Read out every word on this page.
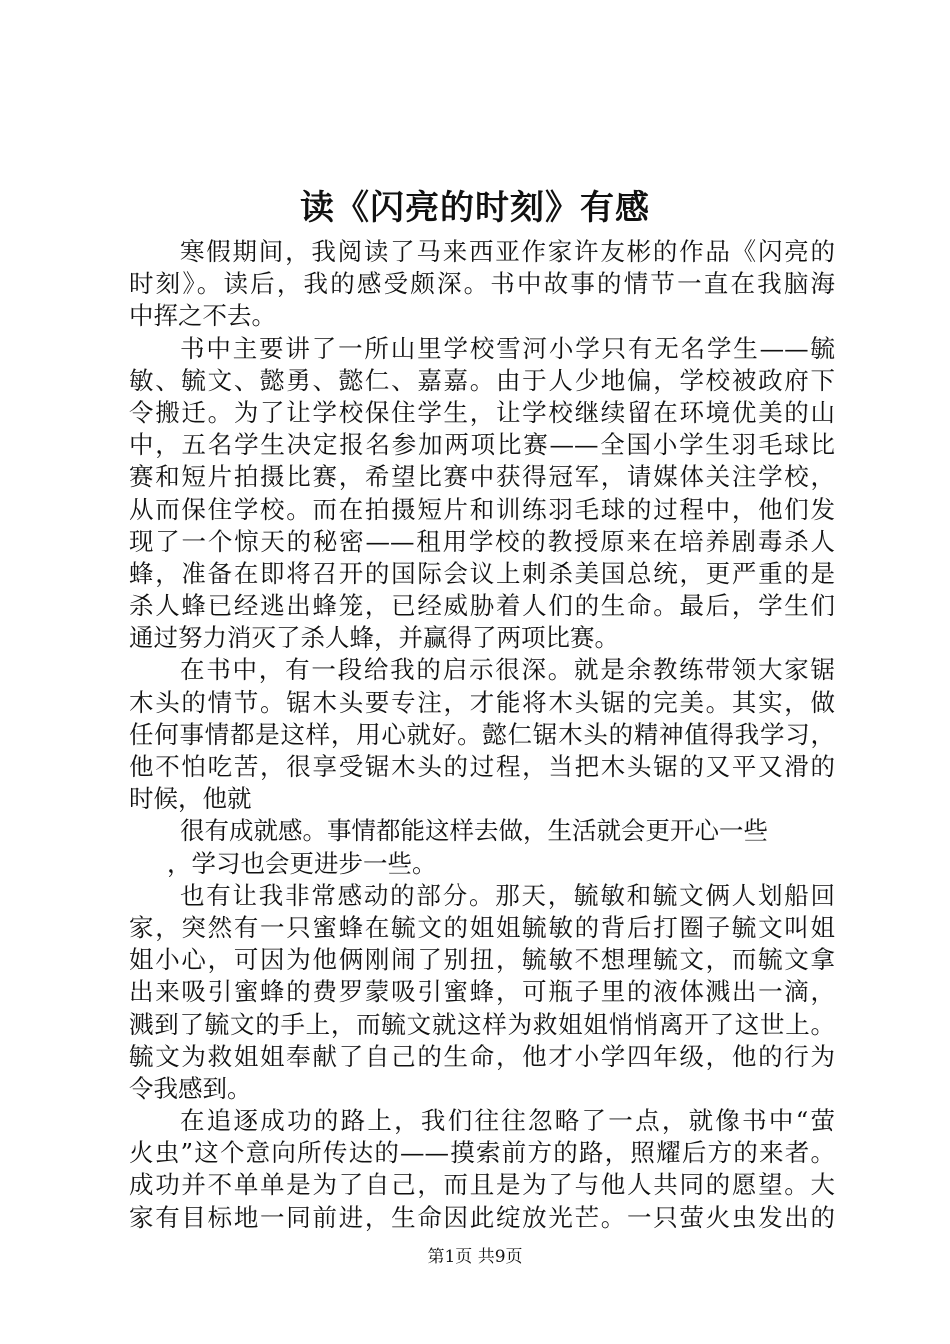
读《闪亮的时刻》有感
寒假期间，我阅读了马来西亚作家许友彬的作品《闪亮的
时刻》。读后，我的感受颇深。书中故事的情节一直在我脑海
中挥之不去。
书中主要讲了一所山里学校雪河小学只有无名学生——毓
敏、毓文、懿勇、懿仁、嘉嘉。由于人少地偏，学校被政府下
令搬迁。为了让学校保住学生，让学校继续留在环境优美的山
中，五名学生决定报名参加两项比赛——全国小学生羽毛球比
赛和短片拍摄比赛，希望比赛中获得冠军，请媒体关注学校，
从而保住学校。而在拍摄短片和训练羽毛球的过程中，他们发
现了一个惊天的秘密——租用学校的教授原来在培养剧毒杀人
蜂，准备在即将召开的国际会议上刺杀美国总统，更严重的是
杀人蜂已经逃出蜂笼，已经威胁着人们的生命。最后，学生们
通过努力消灭了杀人蜂，并赢得了两项比赛。
在书中，有一段给我的启示很深。就是余教练带领大家锯
木头的情节。锯木头要专注，才能将木头锯的完美。其实，做
任何事情都是这样，用心就好。懿仁锯木头的精神值得我学习，
他不怕吃苦，很享受锯木头的过程，当把木头锯的又平又滑的
时候，他就
很有成就感。事情都能这样去做，生活就会更开心一些
，学习也会更进步一些。
也有让我非常感动的部分。那天，毓敏和毓文俩人划船回
家，突然有一只蜜蜂在毓文的姐姐毓敏的背后打圈子毓文叫姐
姐小心，可因为他俩刚闹了别扭，毓敏不想理毓文，而毓文拿
出来吸引蜜蜂的费罗蒙吸引蜜蜂，可瓶子里的液体溅出一滴，
溅到了毓文的手上，而毓文就这样为救姐姐悄悄离开了这世上。
毓文为救姐姐奉献了自己的生命，他才小学四年级，他的行为
令我感到。
在追逐成功的路上，我们往往忽略了一点，就像书中“萤
火虫”这个意向所传达的——摸索前方的路，照耀后方的来者。
成功并不单单是为了自己，而且是为了与他人共同的愿望。大
家有目标地一同前进，生命因此绽放光芒。一只萤火虫发出的
第1页 共9页
